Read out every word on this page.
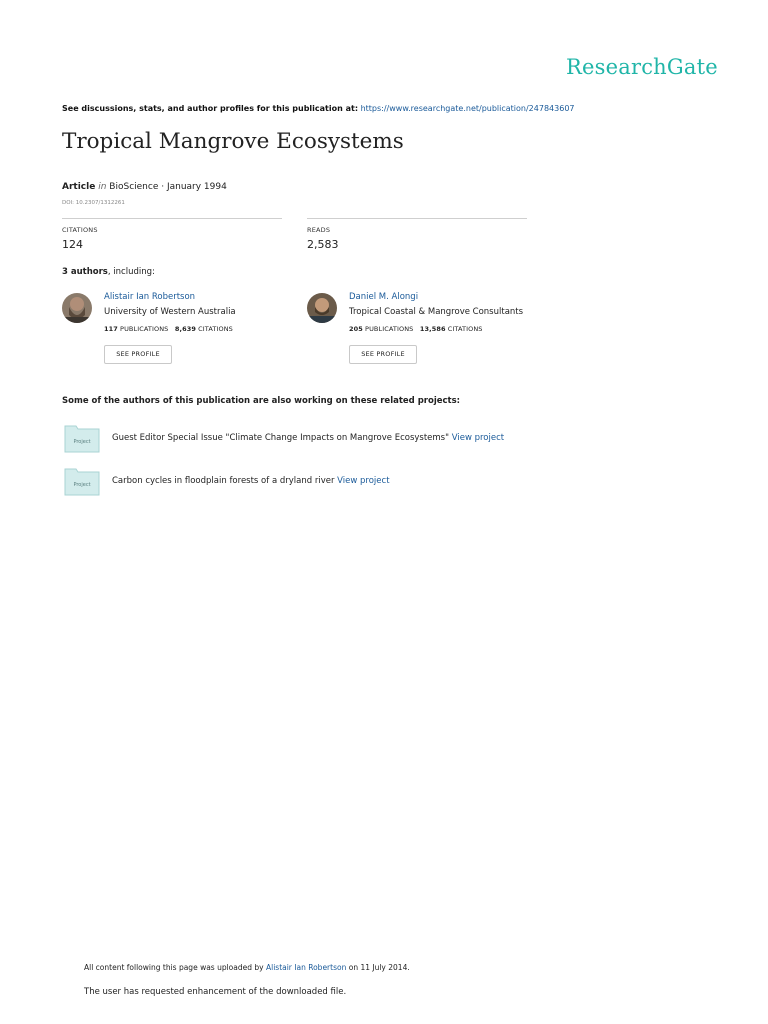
ResearchGate
See discussions, stats, and author profiles for this publication at: https://www.researchgate.net/publication/247843607
Tropical Mangrove Ecosystems
Article in BioScience · January 1994
DOI: 10.2307/1312261
CITATIONS
124
READS
2,583
3 authors, including:
Alistair Ian Robertson
University of Western Australia
117 PUBLICATIONS 8,639 CITATIONS
SEE PROFILE
Daniel M. Alongi
Tropical Coastal & Mangrove Consultants
205 PUBLICATIONS 13,586 CITATIONS
SEE PROFILE
Some of the authors of this publication are also working on these related projects:
Project	Guest Editor Special Issue "Climate Change Impacts on Mangrove Ecosystems" View project
Project	Carbon cycles in floodplain forests of a dryland river View project
All content following this page was uploaded by Alistair Ian Robertson on 11 July 2014.
The user has requested enhancement of the downloaded file.
